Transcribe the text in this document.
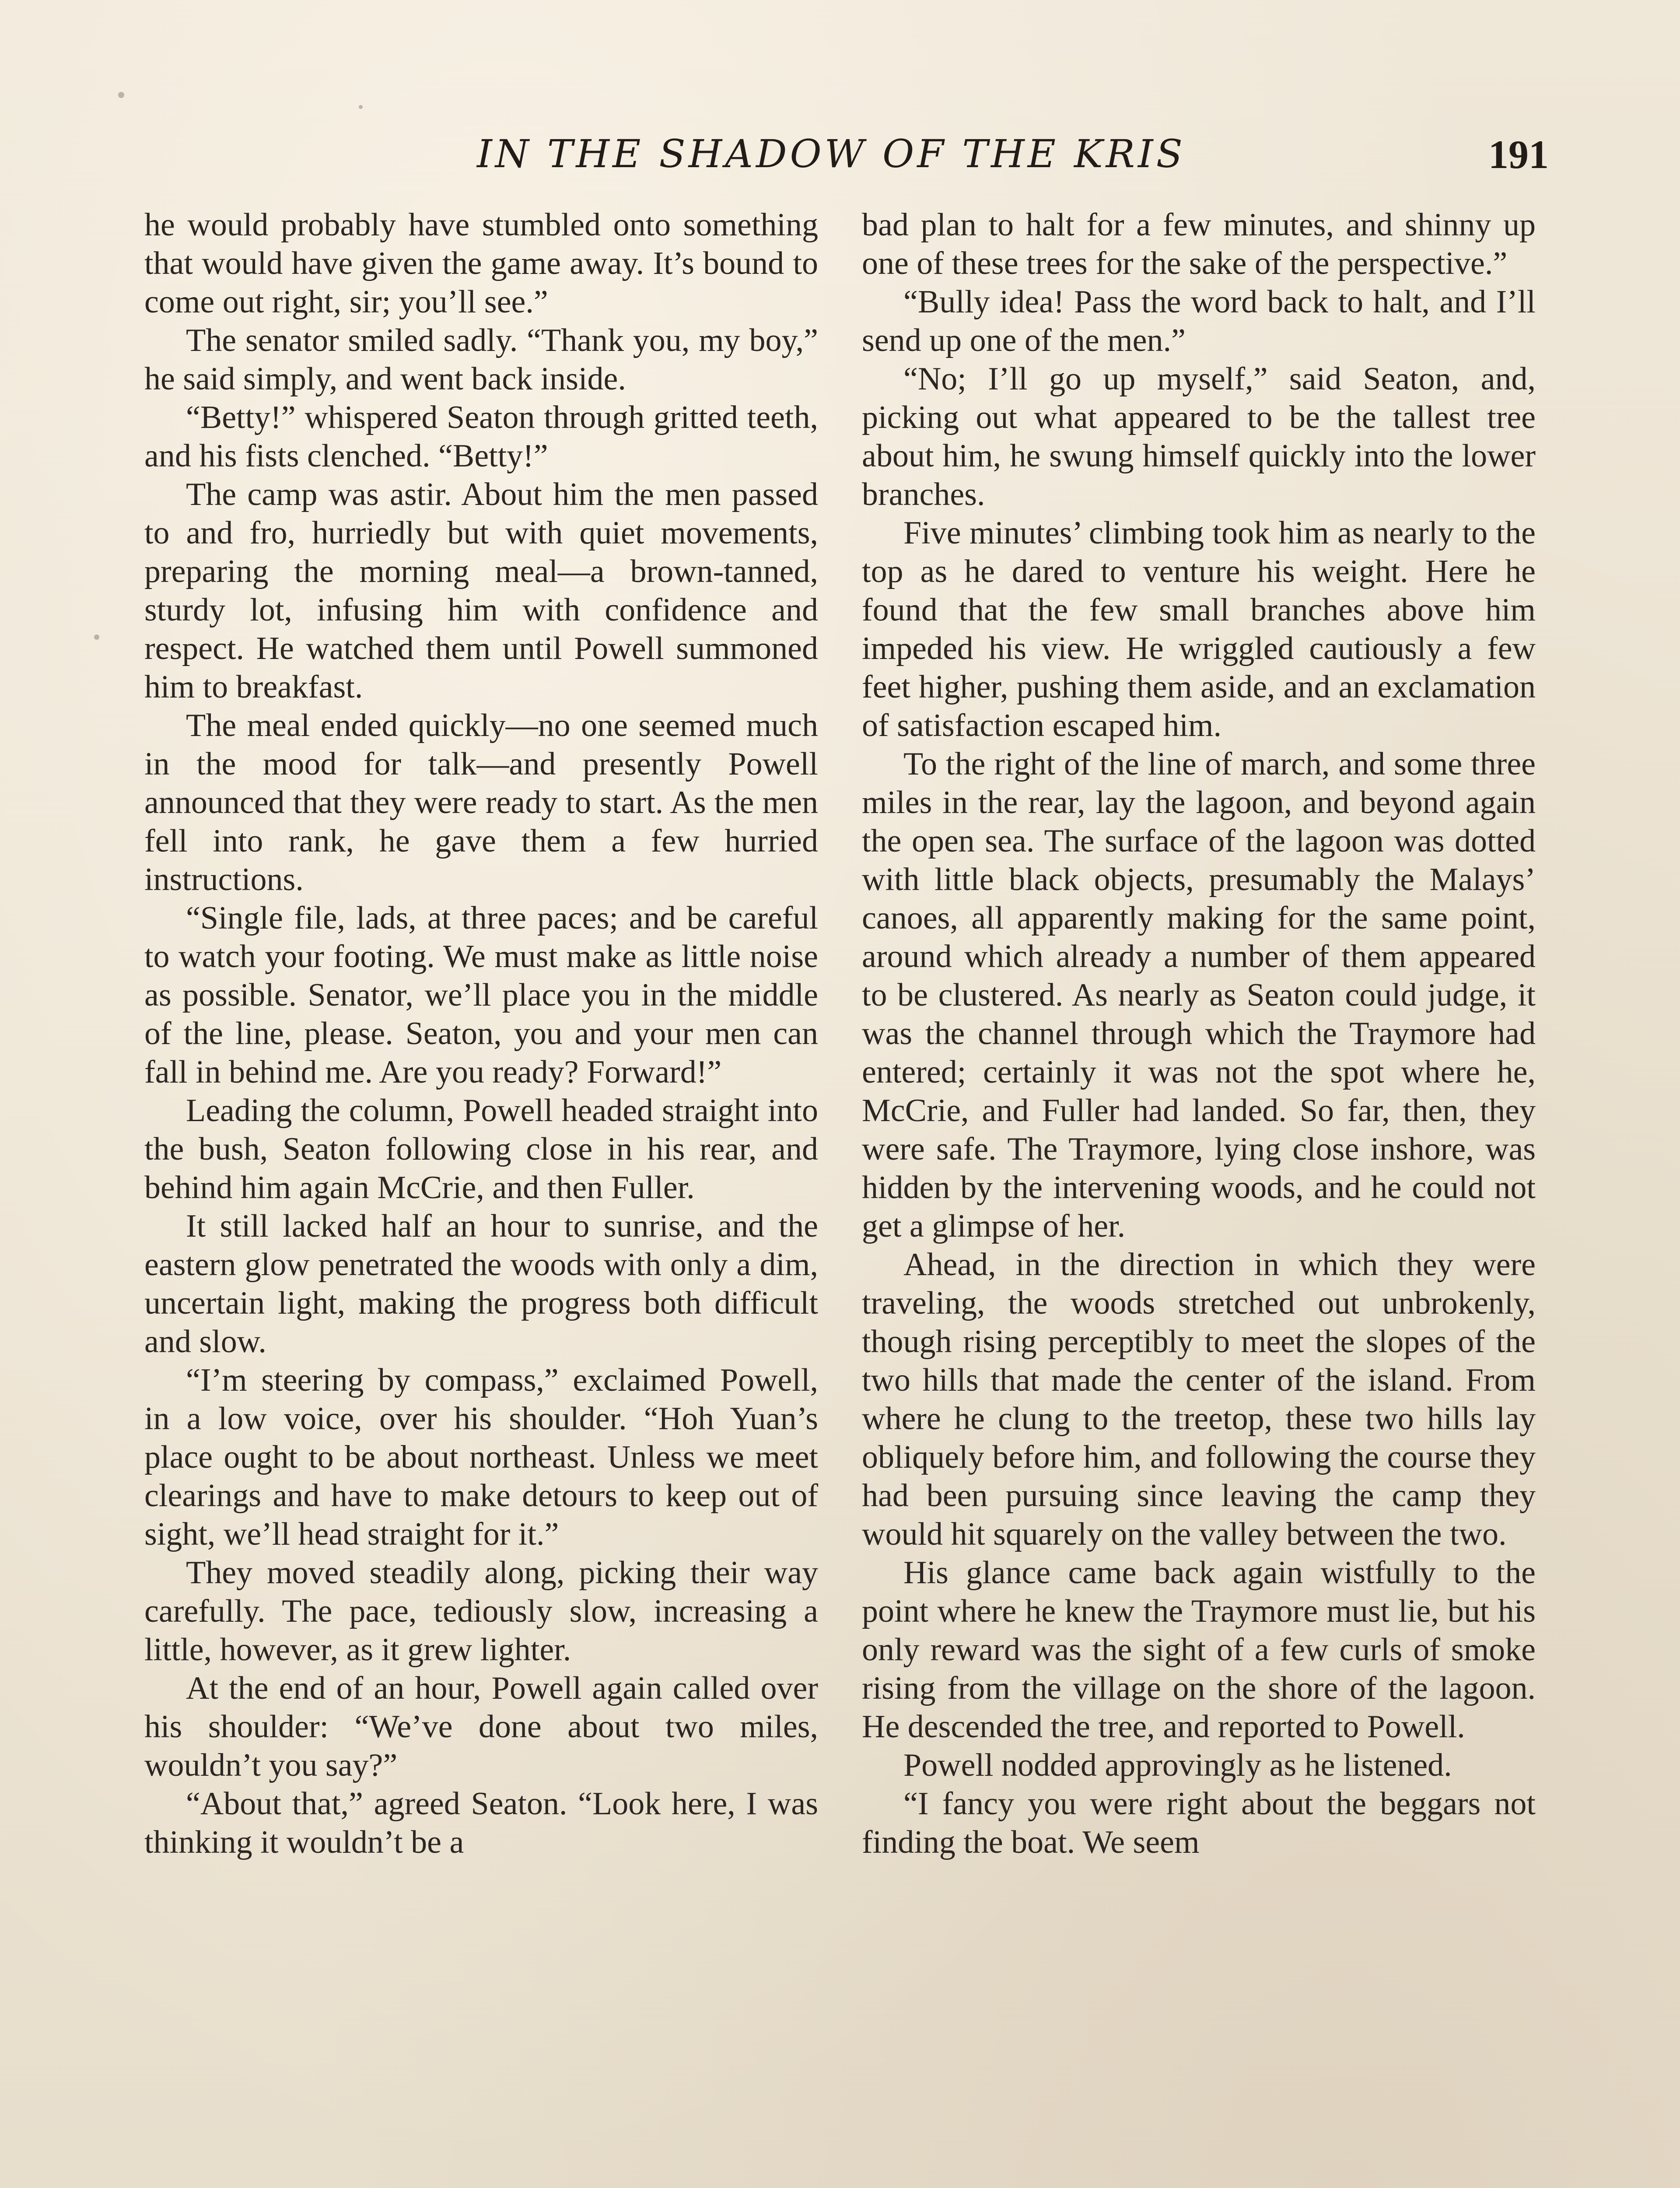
IN THE SHADOW OF THE KRIS	191

he would probably have stumbled onto something that would have given the game away. It’s bound to come out right, sir; you’ll see.”

The senator smiled sadly. “Thank you, my boy,” he said simply, and went back inside.

“Betty!” whispered Seaton through gritted teeth, and his fists clenched. “Betty!”

The camp was astir. About him the men passed to and fro, hurriedly but with quiet movements, preparing the morning meal—a brown-tanned, sturdy lot, infusing him with confidence and respect. He watched them until Powell summoned him to breakfast.

The meal ended quickly—no one seemed much in the mood for talk—and presently Powell announced that they were ready to start. As the men fell into rank, he gave them a few hurried instructions.

“Single file, lads, at three paces; and be careful to watch your footing. We must make as little noise as possible. Senator, we’ll place you in the middle of the line, please. Seaton, you and your men can fall in behind me. Are you ready? Forward!”

Leading the column, Powell headed straight into the bush, Seaton following close in his rear, and behind him again McCrie, and then Fuller.

It still lacked half an hour to sunrise, and the eastern glow penetrated the woods with only a dim, uncertain light, making the progress both difficult and slow.

“I’m steering by compass,” exclaimed Powell, in a low voice, over his shoulder. “Hoh Yuan’s place ought to be about northeast. Unless we meet clearings and have to make detours to keep out of sight, we’ll head straight for it.”

They moved steadily along, picking their way carefully. The pace, tediously slow, increasing a little, however, as it grew lighter.

At the end of an hour, Powell again called over his shoulder: “We’ve done about two miles, wouldn’t you say?”

“About that,” agreed Seaton. “Look here, I was thinking it wouldn’t be a

bad plan to halt for a few minutes, and shinny up one of these trees for the sake of the perspective.”

“Bully idea! Pass the word back to halt, and I’ll send up one of the men.”

“No; I’ll go up myself,” said Seaton, and, picking out what appeared to be the tallest tree about him, he swung himself quickly into the lower branches.

Five minutes’ climbing took him as nearly to the top as he dared to venture his weight. Here he found that the few small branches above him impeded his view. He wriggled cautiously a few feet higher, pushing them aside, and an exclamation of satisfaction escaped him.

To the right of the line of march, and some three miles in the rear, lay the lagoon, and beyond again the open sea. The surface of the lagoon was dotted with little black objects, presumably the Malays’ canoes, all apparently making for the same point, around which already a number of them appeared to be clustered. As nearly as Seaton could judge, it was the channel through which the Traymore had entered; certainly it was not the spot where he, McCrie, and Fuller had landed. So far, then, they were safe. The Traymore, lying close inshore, was hidden by the intervening woods, and he could not get a glimpse of her.

Ahead, in the direction in which they were traveling, the woods stretched out unbrokenly, though rising perceptibly to meet the slopes of the two hills that made the center of the island. From where he clung to the treetop, these two hills lay obliquely before him, and following the course they had been pursuing since leaving the camp they would hit squarely on the valley between the two.

His glance came back again wistfully to the point where he knew the Traymore must lie, but his only reward was the sight of a few curls of smoke rising from the village on the shore of the lagoon. He descended the tree, and reported to Powell.

Powell nodded approvingly as he listened.

“I fancy you were right about the beggars not finding the boat. We seem
